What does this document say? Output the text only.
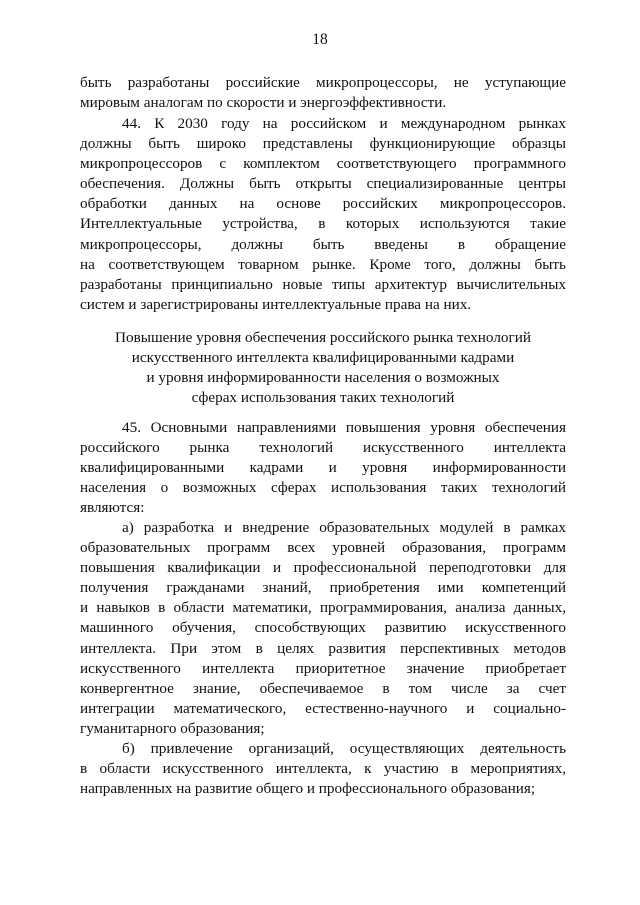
18
быть разработаны российские микропроцессоры, не уступающие
мировым аналогам по скорости и энергоэффективности.
44. К 2030 году на российском и международном рынках
должны быть широко представлены функционирующие образцы
микропроцессоров с комплектом соответствующего программного
обеспечения. Должны быть открыты специализированные центры
обработки данных на основе российских микропроцессоров.
Интеллектуальные устройства, в которых используются такие
микропроцессоры, должны быть введены в обращение
на соответствующем товарном рынке. Кроме того, должны быть
разработаны принципиально новые типы архитектур вычислительных
систем и зарегистрированы интеллектуальные права на них.
Повышение уровня обеспечения российского рынка технологий
искусственного интеллекта квалифицированными кадрами
и уровня информированности населения о возможных
сферах использования таких технологий
45. Основными направлениями повышения уровня обеспечения
российского рынка технологий искусственного интеллекта
квалифицированными кадрами и уровня информированности
населения о возможных сферах использования таких технологий
являются:
а) разработка и внедрение образовательных модулей в рамках
образовательных программ всех уровней образования, программ
повышения квалификации и профессиональной переподготовки для
получения гражданами знаний, приобретения ими компетенций
и навыков в области математики, программирования, анализа данных,
машинного обучения, способствующих развитию искусственного
интеллекта. При этом в целях развития перспективных методов
искусственного интеллекта приоритетное значение приобретает
конвергентное знание, обеспечиваемое в том числе за счет
интеграции математического, естественно-научного и социально-
гуманитарного образования;
б) привлечение организаций, осуществляющих деятельность
в области искусственного интеллекта, к участию в мероприятиях,
направленных на развитие общего и профессионального образования;
